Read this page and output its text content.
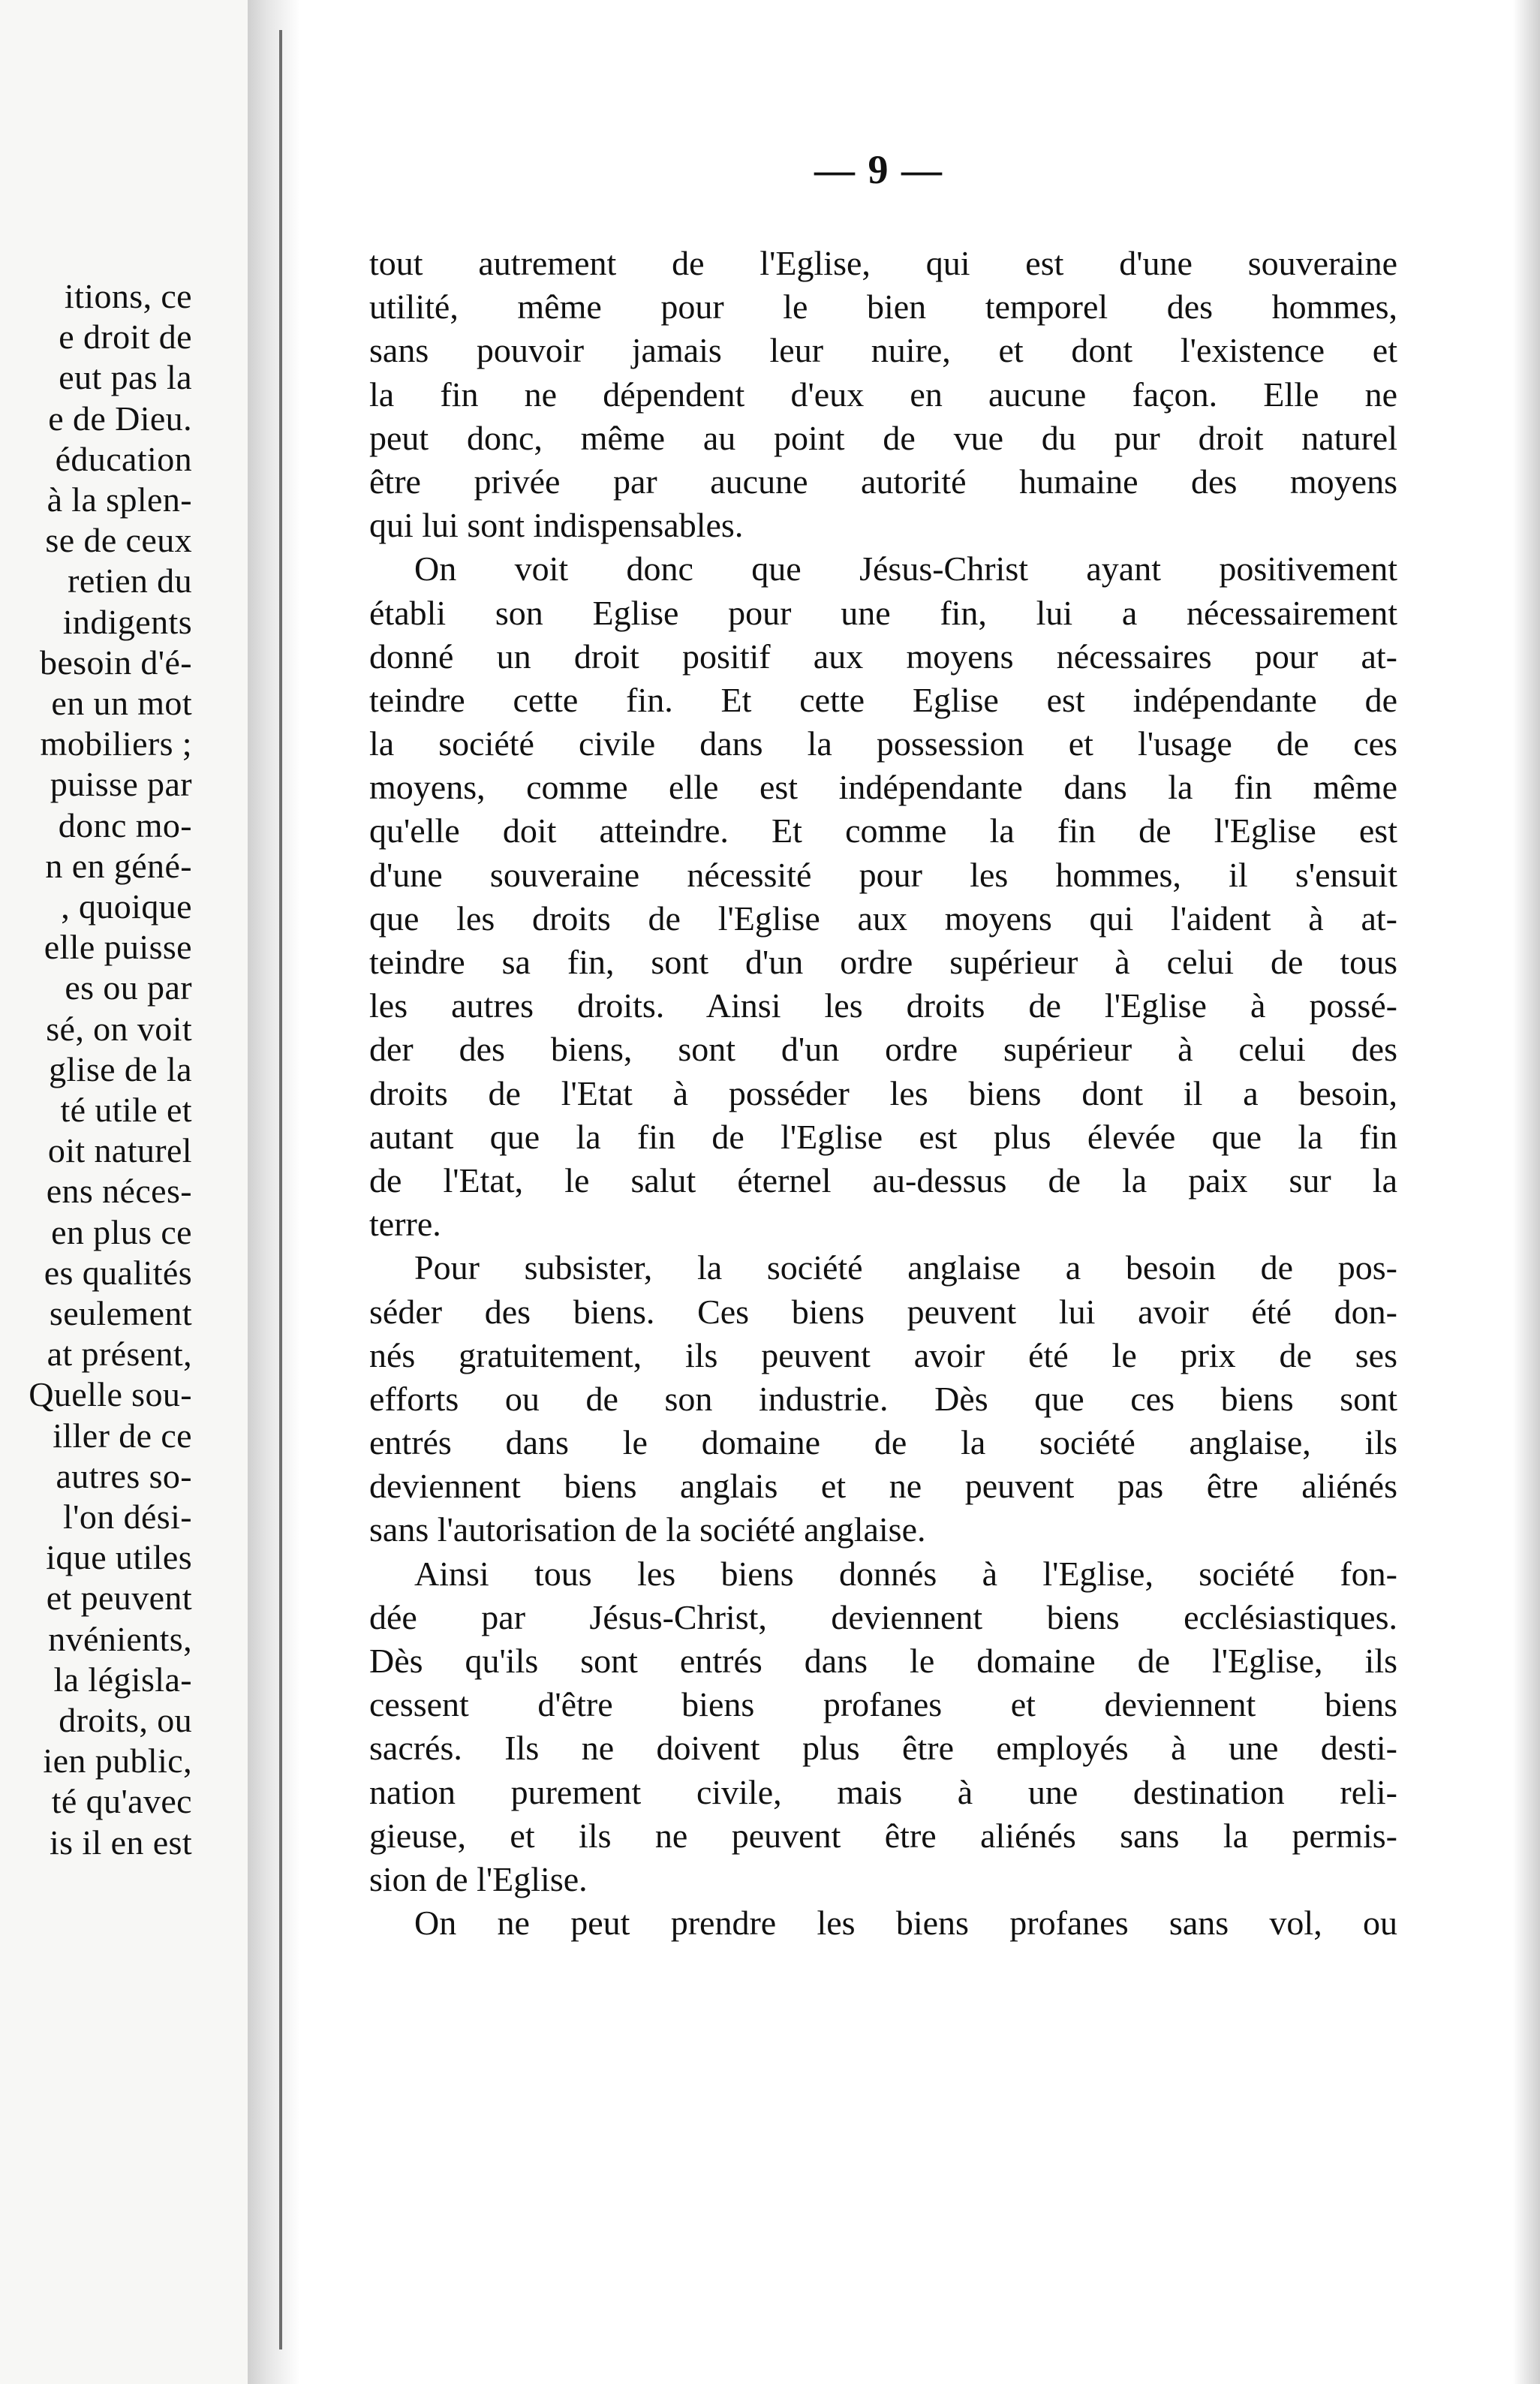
itions, ce
e droit de
eut pas la
e de Dieu.
éducation
à la splen-
se de ceux
retien du
indigents
besoin d'é-
en un mot
mobiliers ;
puisse par
donc mo-
n en géné-
, quoique
elle puisse
es ou par
sé, on voit
glise de la
té utile et
oit naturel
ens néces-
en plus ce
es qualités
seulement
at présent,
Quelle sou-
iller de ce
autres so-
l'on dési-
ique utiles
et peuvent
nvénients,
la législa-
droits, ou
ien public,
té qu'avec
is il en est
— 9 —
tout autrement de l'Eglise, qui est d'une souveraine
utilité, même pour le bien temporel des hommes,
sans pouvoir jamais leur nuire, et dont l'existence et
la fin ne dépendent d'eux en aucune façon. Elle ne
peut donc, même au point de vue du pur droit naturel
être privée par aucune autorité humaine des moyens
qui lui sont indispensables.
On voit donc que Jésus-Christ ayant positivement
établi son Eglise pour une fin, lui a nécessairement
donné un droit positif aux moyens nécessaires pour at-
teindre cette fin. Et cette Eglise est indépendante de
la société civile dans la possession et l'usage de ces
moyens, comme elle est indépendante dans la fin même
qu'elle doit atteindre. Et comme la fin de l'Eglise est
d'une souveraine nécessité pour les hommes, il s'ensuit
que les droits de l'Eglise aux moyens qui l'aident à at-
teindre sa fin, sont d'un ordre supérieur à celui de tous
les autres droits. Ainsi les droits de l'Eglise à possé-
der des biens, sont d'un ordre supérieur à celui des
droits de l'Etat à posséder les biens dont il a besoin,
autant que la fin de l'Eglise est plus élevée que la fin
de l'Etat, le salut éternel au-dessus de la paix sur la
terre.
Pour subsister, la société anglaise a besoin de pos-
séder des biens. Ces biens peuvent lui avoir été don-
nés gratuitement, ils peuvent avoir été le prix de ses
efforts ou de son industrie. Dès que ces biens sont
entrés dans le domaine de la société anglaise, ils
deviennent biens anglais et ne peuvent pas être aliénés
sans l'autorisation de la société anglaise.
Ainsi tous les biens donnés à l'Eglise, société fon-
dée par Jésus-Christ, deviennent biens ecclésiastiques.
Dès qu'ils sont entrés dans le domaine de l'Eglise, ils
cessent d'être biens profanes et deviennent biens
sacrés. Ils ne doivent plus être employés à une desti-
nation purement civile, mais à une destination reli-
gieuse, et ils ne peuvent être aliénés sans la permis-
sion de l'Eglise.
On ne peut prendre les biens profanes sans vol, ou
